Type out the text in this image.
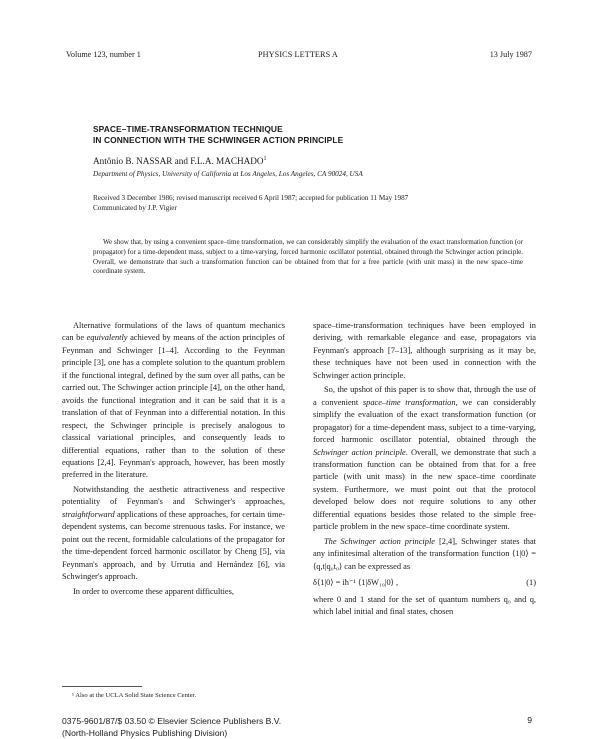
Volume 123, number 1	PHYSICS LETTERS A	13 July 1987
SPACE–TIME-TRANSFORMATION TECHNIQUE
IN CONNECTION WITH THE SCHWINGER ACTION PRINCIPLE
Antônio B. NASSAR and F.L.A. MACHADO$^1$
Department of Physics, University of California at Los Angeles, Los Angeles, CA 90024, USA
Received 3 December 1986; revised manuscript received 6 April 1987; accepted for publication 11 May 1987
Communicated by J.P. Vigier
We show that, by using a convenient space–time transformation, we can considerably simplify the evaluation of the exact transformation function (or propagator) for a time-dependent mass, subject to a time-varying, forced harmonic oscillator potential, obtained through the Schwinger action principle. Overall, we demonstrate that such a transformation function can be obtained from that for a free particle (with unit mass) in the new space–time coordinate system.

Alternative formulations of the laws of quantum mechanics can be equivalently achieved by means of the action principles of Feynman and Schwinger [1–4]. According to the Feynman principle [3], one has a complete solution to the quantum problem if the functional integral, defined by the sum over all paths, can be carried out. The Schwinger action principle [4], on the other hand, avoids the functional integration and it can be said that it is a translation of that of Feynman into a differential notation. In this respect, the Schwinger principle is precisely analogous to classical variational principles, and consequently leads to differential equations, rather than to the solution of these equations [2,4]. Feynman's approach, however, has been mostly preferred in the literature.

Notwithstanding the aesthetic attractiveness and respective potentiality of Feynman's and Schwinger's approaches, straightforward applications of these approaches, for certain time-dependent systems, can become strenuous tasks. For instance, we point out the recent, formidable calculations of the propagator for the time-dependent forced harmonic oscillator by Cheng [5], via Feynman's approach, and by Urrutia and Hernández [6], via Schwinger's approach.

In order to overcome these apparent difficulties,

space–time-transformation techniques have been employed in deriving, with remarkable elegance and ease, propagators via Feynman's approach [7–13], although surprising as it may be, these techniques have not been used in connection with the Schwinger action principle.

So, the upshot of this paper is to show that, through the use of a convenient space–time transformation, we can considerably simplify the evaluation of the exact transformation function (or propagator) for a time-dependent mass, subject to a time-varying, forced harmonic oscillator potential, obtained through the Schwinger action principle. Overall, we demonstrate that such a transformation function can be obtained from that for a free particle (with unit mass) in the new space–time coordinate system. Furthermore, we must point out that the protocol developed below does not require solutions to any other differential equations besides those related to the simple free-particle problem in the new space–time coordinate system.

The Schwinger action principle [2,4], Schwinger states that any infinitesimal alteration of the transformation function ⟨1|0⟩ = ⟨q,t|q₀t₀⟩ can be expressed as

δ⟨1|0⟩ = iħ⁻¹ ⟨1|δW₁₀|0⟩ ,	(1)

where 0 and 1 stand for the set of quantum numbers q₀ and q, which label initial and final states, chosen

¹ Also at the UCLA Solid State Science Center.
0375-9601/87/$ 03.50 © Elsevier Science Publishers B.V.
(North-Holland Physics Publishing Division)
9
